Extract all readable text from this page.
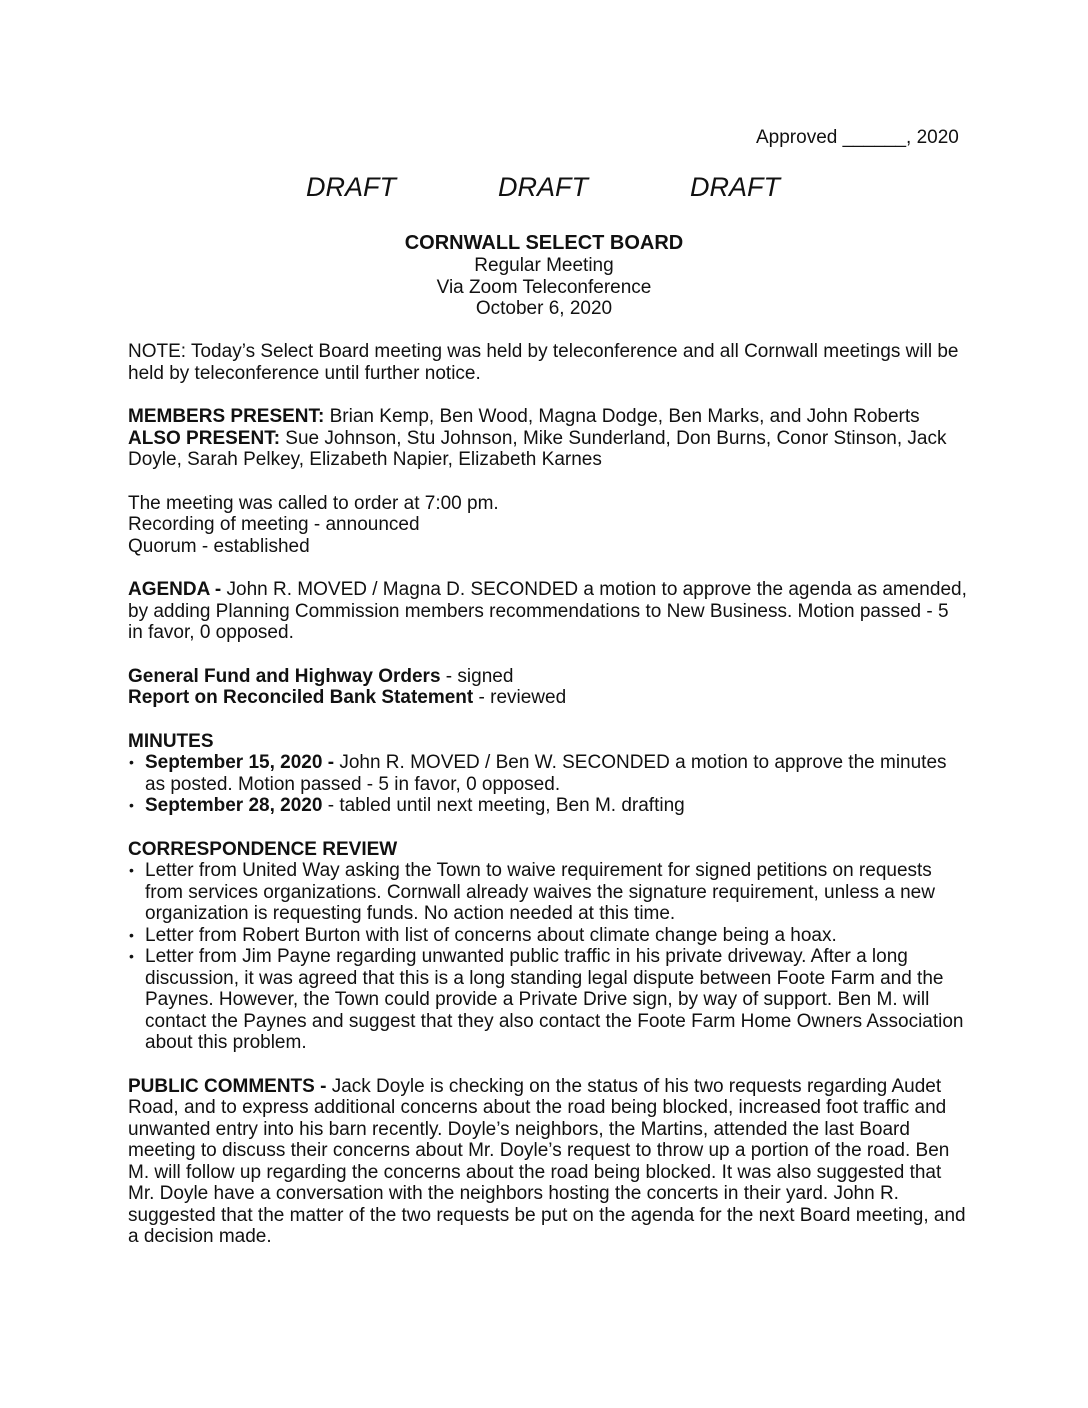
Approved ______, 2020
DRAFT	DRAFT	DRAFT
CORNWALL SELECT BOARD
Regular Meeting
Via Zoom Teleconference
October 6, 2020

NOTE: Today’s Select Board meeting was held by teleconference and all Cornwall meetings will be held by teleconference until further notice.

MEMBERS PRESENT: Brian Kemp, Ben Wood, Magna Dodge, Ben Marks, and John Roberts

ALSO PRESENT: Sue Johnson, Stu Johnson, Mike Sunderland, Don Burns, Conor Stinson, Jack Doyle, Sarah Pelkey, Elizabeth Napier, Elizabeth Karnes

The meeting was called to order at 7:00 pm.

Recording of meeting - announced

Quorum - established

AGENDA - John R. MOVED / Magna D. SECONDED a motion to approve the agenda as amended, by adding Planning Commission members recommendations to New Business. Motion passed - 5 in favor, 0 opposed.

General Fund and Highway Orders - signed

Report on Reconciled Bank Statement - reviewed

MINUTES

• September 15, 2020 - John R. MOVED / Ben W. SECONDED a motion to approve the minutes as posted. Motion passed - 5 in favor, 0 opposed.
• September 28, 2020 - tabled until next meeting, Ben M. drafting

CORRESPONDENCE REVIEW

• Letter from United Way asking the Town to waive requirement for signed petitions on requests from services organizations. Cornwall already waives the signature requirement, unless a new organization is requesting funds. No action needed at this time.
• Letter from Robert Burton with list of concerns about climate change being a hoax.
• Letter from Jim Payne regarding unwanted public traffic in his private driveway. After a long discussion, it was agreed that this is a long standing legal dispute between Foote Farm and the Paynes. However, the Town could provide a Private Drive sign, by way of support. Ben M. will contact the Paynes and suggest that they also contact the Foote Farm Home Owners Association about this problem.

PUBLIC COMMENTS - Jack Doyle is checking on the status of his two requests regarding Audet Road, and to express additional concerns about the road being blocked, increased foot traffic and unwanted entry into his barn recently. Doyle’s neighbors, the Martins, attended the last Board meeting to discuss their concerns about Mr. Doyle’s request to throw up a portion of the road. Ben M. will follow up regarding the concerns about the road being blocked. It was also suggested that Mr. Doyle have a conversation with the neighbors hosting the concerts in their yard. John R. suggested that the matter of the two requests be put on the agenda for the next Board meeting, and a decision made.
